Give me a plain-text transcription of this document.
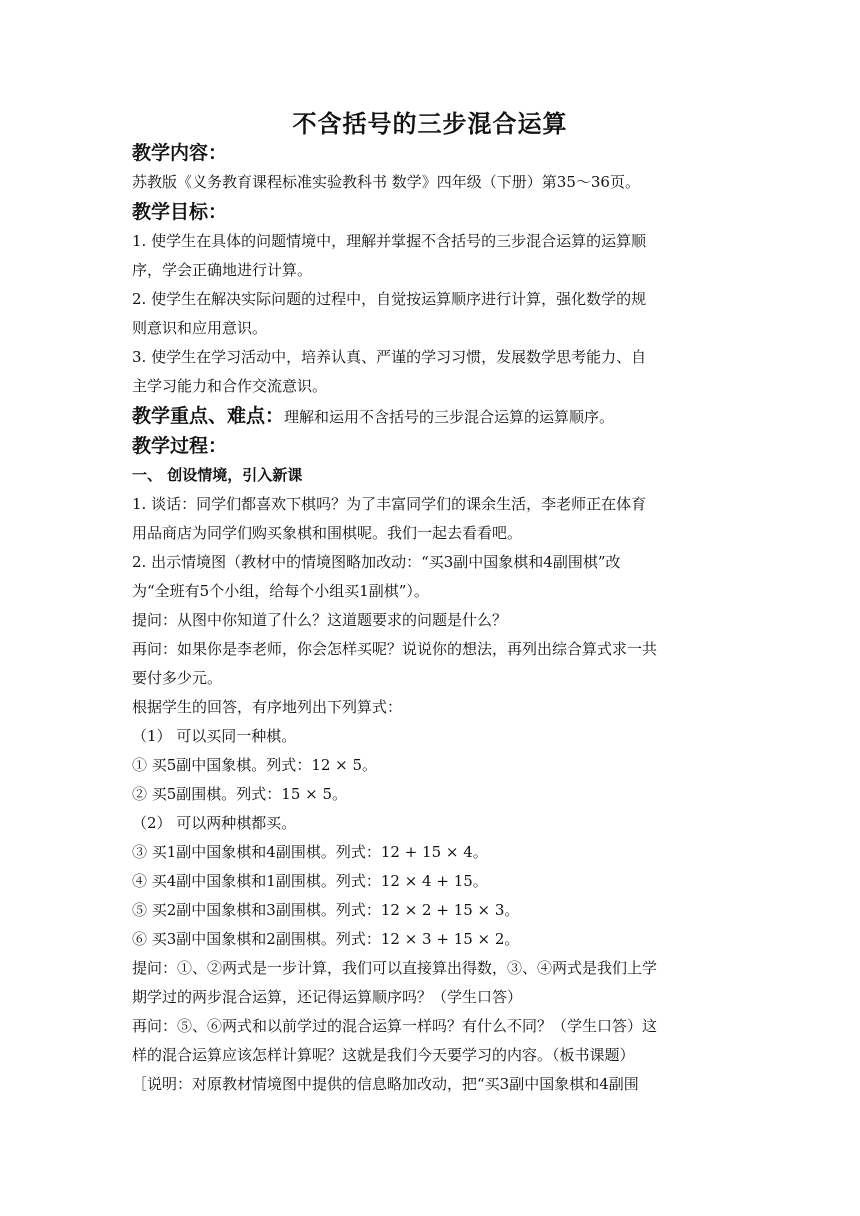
不含括号的三步混合运算
教学内容：
苏教版《义务教育课程标准实验教科书 数学》四年级（下册）第35～36页。
教学目标：
1. 使学生在具体的问题情境中，理解并掌握不含括号的三步混合运算的运算顺
序，学会正确地进行计算。
2. 使学生在解决实际问题的过程中，自觉按运算顺序进行计算，强化数学的规
则意识和应用意识。
3. 使学生在学习活动中，培养认真、严谨的学习习惯，发展数学思考能力、自
主学习能力和合作交流意识。
教学重点、难点：理解和运用不含括号的三步混合运算的运算顺序。
教学过程：
一、 创设情境，引入新课
1. 谈话：同学们都喜欢下棋吗？为了丰富同学们的课余生活，李老师正在体育
用品商店为同学们购买象棋和围棋呢。我们一起去看看吧。
2. 出示情境图（教材中的情境图略加改动：“买3副中国象棋和4副围棋”改
为“全班有5个小组，给每个小组买1副棋”）。
提问：从图中你知道了什么？这道题要求的问题是什么？
再问：如果你是李老师，你会怎样买呢？说说你的想法，再列出综合算式求一共
要付多少元。
根据学生的回答，有序地列出下列算式：
（1） 可以买同一种棋。
① 买5副中国象棋。列式：12 × 5。
② 买5副围棋。列式：15 × 5。
（2） 可以两种棋都买。
③ 买1副中国象棋和4副围棋。列式：12 + 15 × 4。
④ 买4副中国象棋和1副围棋。列式：12 × 4 + 15。
⑤ 买2副中国象棋和3副围棋。列式：12 × 2 + 15 × 3。
⑥ 买3副中国象棋和2副围棋。列式：12 × 3 + 15 × 2。
提问：①、②两式是一步计算，我们可以直接算出得数，③、④两式是我们上学
期学过的两步混合运算，还记得运算顺序吗？（学生口答）
再问：⑤、⑥两式和以前学过的混合运算一样吗？有什么不同？（学生口答）这
样的混合运算应该怎样计算呢？这就是我们今天要学习的内容。（板书课题）
［说明：对原教材情境图中提供的信息略加改动，把“买3副中国象棋和4副围
